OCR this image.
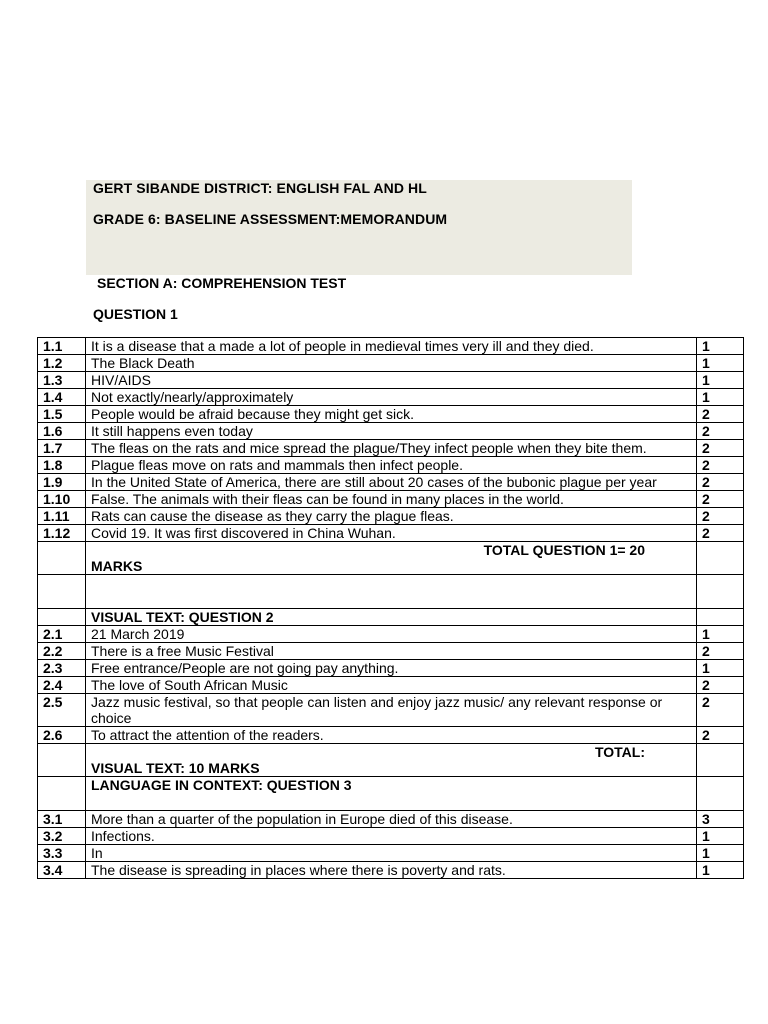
GERT SIBANDE DISTRICT: ENGLISH FAL AND HL
GRADE 6: BASELINE ASSESSMENT:MEMORANDUM
SECTION A: COMPREHENSION TEST
QUESTION 1
1.1	It is a disease that a made a lot of people in medieval times very ill and they died.	1
1.2	The Black Death	1
1.3	HIV/AIDS	1
1.4	Not exactly/nearly/approximately	1
1.5	People would be afraid because they might get sick.	2
1.6	It still happens even today	2
1.7	The fleas on the rats and mice spread the plague/They infect people when they bite them.	2
1.8	Plague fleas move on rats and mammals then infect people.	2
1.9	In the United State of America, there are still about 20 cases of the bubonic plague per year	2
1.10	False. The animals with their fleas can be found in many places in the world.	2
1.11	Rats can cause the disease as they carry the plague fleas.	2
1.12	Covid 19. It was first discovered in China Wuhan.	2

	TOTAL QUESTION 1= 20
MARKS	

	VISUAL TEXT: QUESTION 2	
2.1	21 March 2019	1
2.2	There is a free Music Festival	2
2.3	Free entrance/People are not going pay anything.	1
2.4	The love of South African Music	2
2.5	Jazz music festival, so that people can listen and enjoy jazz music/ any relevant response or choice	2
2.6	To attract the attention of the readers.	2

	TOTAL:
VISUAL TEXT: 10 MARKS	

	LANGUAGE IN CONTEXT: QUESTION 3	
3.1	More than a quarter of the population in Europe died of this disease.	3
3.2	Infections.	1
3.3	In	1
3.4	The disease is spreading in places where there is poverty and rats.	1
